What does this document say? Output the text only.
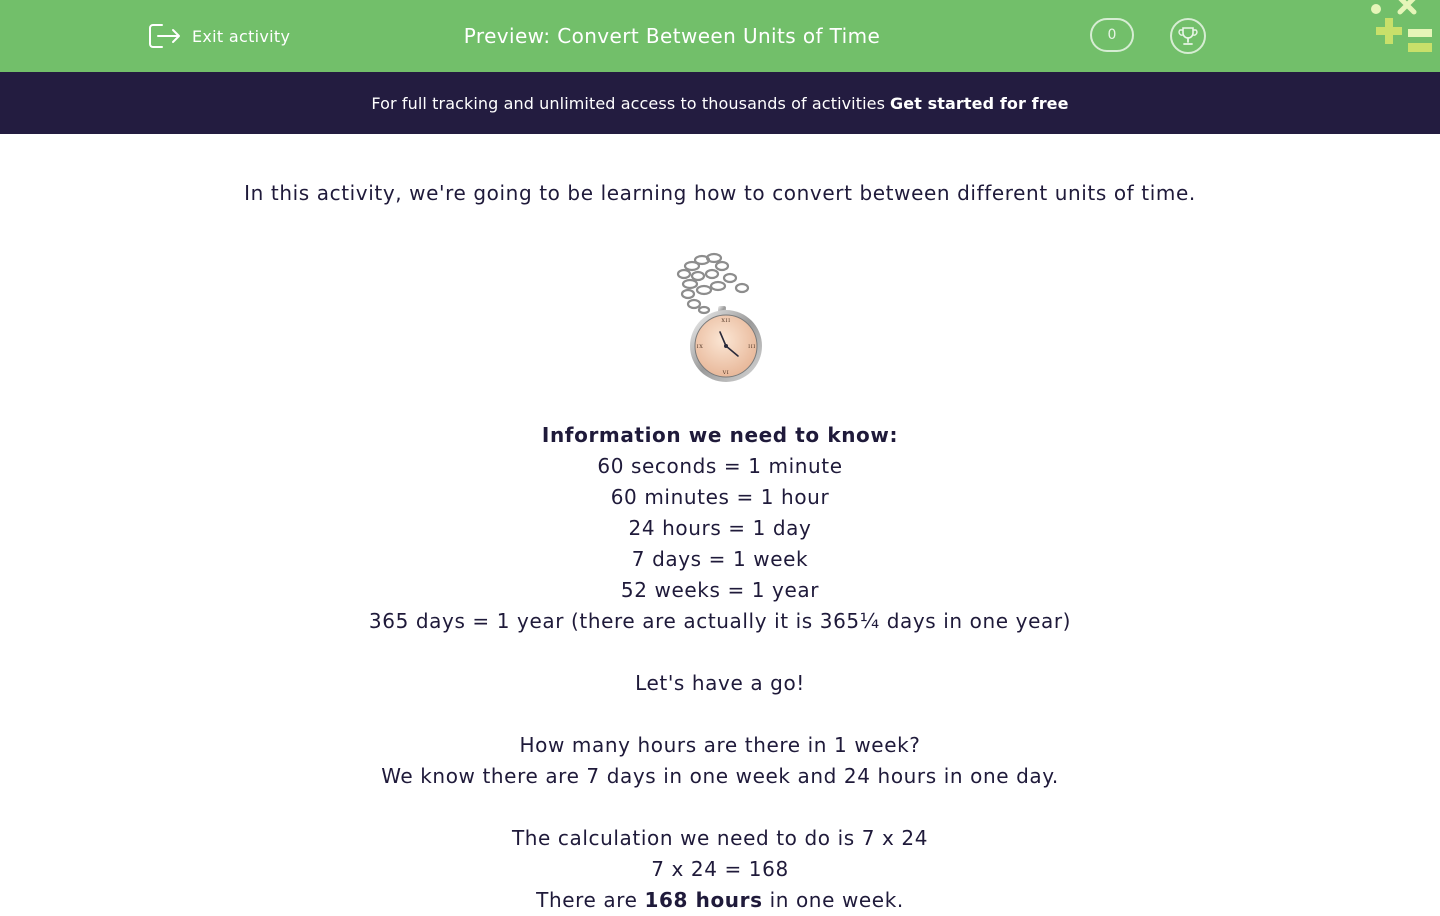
Exit activity	Preview: Convert Between Units of Time	0
For full tracking and unlimited access to thousands of activities Get started for free
In this activity, we're going to be learning how to convert between different units of time.
XII
III
VI
IX

Information we need to know:

60 seconds = 1 minute

60 minutes = 1 hour

24 hours = 1 day

7 days = 1 week

52 weeks = 1 year

365 days = 1 year (there are actually it is 365¼ days in one year)

Let's have a go!

How many hours are there in 1 week?

We know there are 7 days in one week and 24 hours in one day.

The calculation we need to do is 7 x 24

7 x 24 = 168

There are 168 hours in one week.
